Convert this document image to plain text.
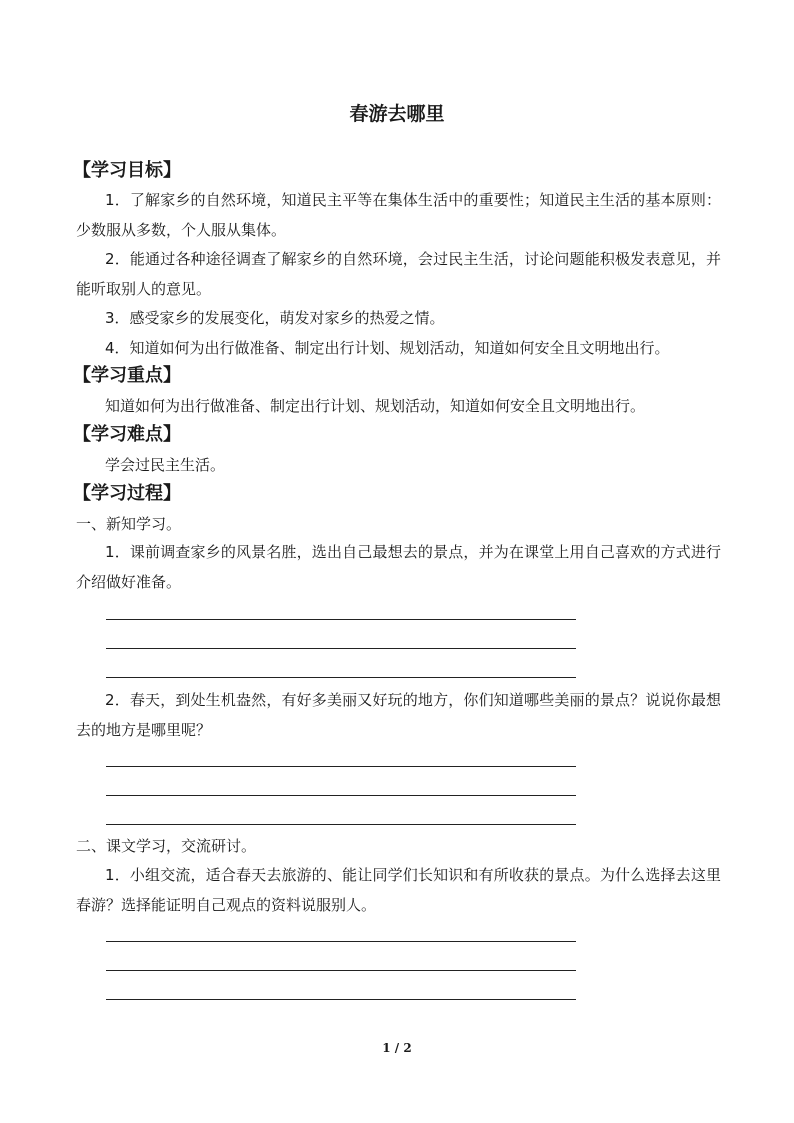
春游去哪里
【学习目标】
1．了解家乡的自然环境，知道民主平等在集体生活中的重要性；知道民主生活的基本原则：少数服从多数，个人服从集体。
2．能通过各种途径调查了解家乡的自然环境，会过民主生活，讨论问题能积极发表意见，并能听取别人的意见。
3．感受家乡的发展变化，萌发对家乡的热爱之情。
4．知道如何为出行做准备、制定出行计划、规划活动，知道如何安全且文明地出行。
【学习重点】
知道如何为出行做准备、制定出行计划、规划活动，知道如何安全且文明地出行。
【学习难点】
学会过民主生活。
【学习过程】
一、新知学习。
1．课前调查家乡的风景名胜，选出自己最想去的景点，并为在课堂上用自己喜欢的方式进行介绍做好准备。
2．春天，到处生机盎然，有好多美丽又好玩的地方，你们知道哪些美丽的景点？说说你最想去的地方是哪里呢？
二、课文学习，交流研讨。
1．小组交流，适合春天去旅游的、能让同学们长知识和有所收获的景点。为什么选择去这里春游？选择能证明自己观点的资料说服别人。
1 / 2
